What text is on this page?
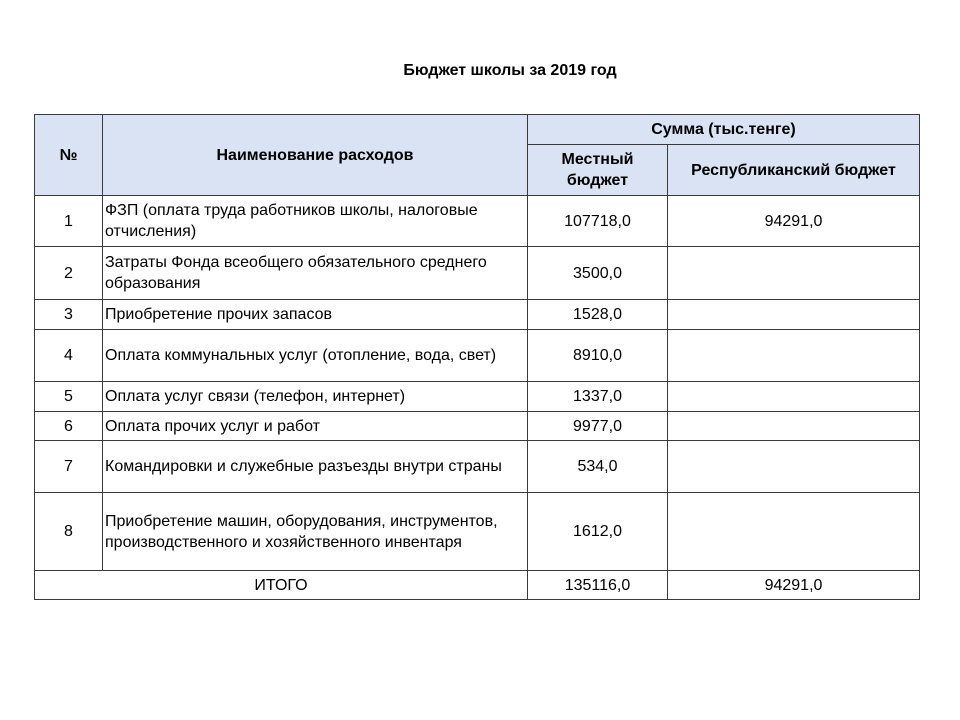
Бюджет школы за 2019 год
№	Наименование расходов	Сумма (тыс.тенге)	
		Местный бюджет	Республиканский бюджет
1	ФЗП (оплата труда работников школы, налоговые отчисления)	107718,0	94291,0
2	Затраты Фонда всеобщего обязательного среднего образования	3500,0	
3	Приобретение прочих запасов	1528,0	
4	Оплата коммунальных услуг (отопление, вода, свет)	8910,0	
5	Оплата услуг связи (телефон, интернет)	1337,0	
6	Оплата прочих услуг и работ	9977,0	
7	Командировки и служебные разъезды внутри страны	534,0	
8	Приобретение машин, оборудования, инструментов, производственного и хозяйственного инвентаря	1612,0	
ИТОГО		135116,0	94291,0
